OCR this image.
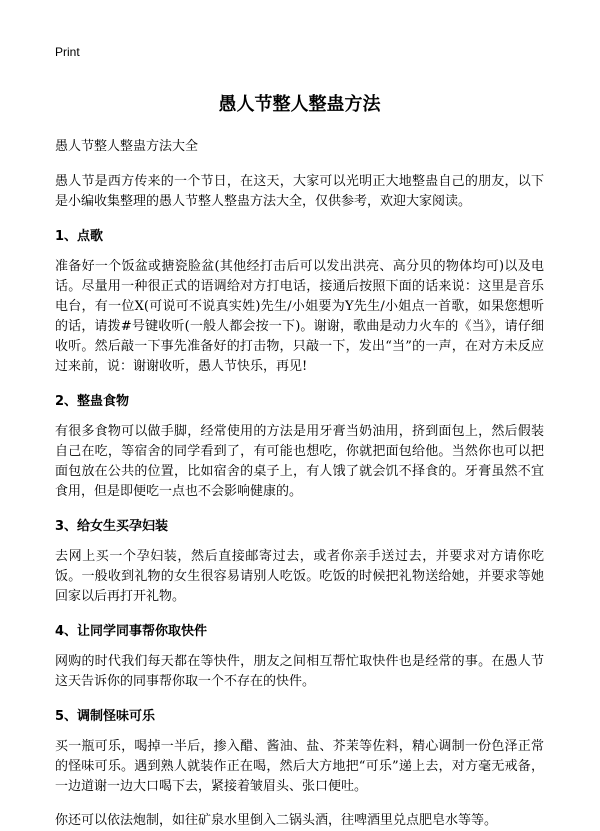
Print

愚人节整人整蛊方法

愚人节整人整蛊方法大全

愚人节是西方传来的一个节日，在这天，大家可以光明正大地整蛊自己的朋友，以下是小编收集整理的愚人节整人整蛊方法大全，仅供参考，欢迎大家阅读。

1、点歌

准备好一个饭盆或搪瓷脸盆(其他经打击后可以发出洪亮、高分贝的物体均可)以及电话。尽量用一种很正式的语调给对方打电话，接通后按照下面的话来说：这里是音乐电台，有一位X(可说可不说真实姓)先生/小姐要为Y先生/小姐点一首歌，如果您想听的话，请拨#号键收听(一般人都会按一下)。谢谢，歌曲是动力火车的《当》，请仔细收听。然后敲一下事先准备好的打击物，只敲一下，发出“当”的一声，在对方未反应过来前，说：谢谢收听，愚人节快乐，再见!

2、整蛊食物

有很多食物可以做手脚，经常使用的方法是用牙膏当奶油用，挤到面包上，然后假装自己在吃，等宿舍的同学看到了，有可能也想吃，你就把面包给他。当然你也可以把面包放在公共的位置，比如宿舍的桌子上，有人饿了就会饥不择食的。牙膏虽然不宜食用，但是即便吃一点也不会影响健康的。

3、给女生买孕妇装

去网上买一个孕妇装，然后直接邮寄过去，或者你亲手送过去，并要求对方请你吃饭。一般收到礼物的女生很容易请别人吃饭。吃饭的时候把礼物送给她，并要求等她回家以后再打开礼物。

4、让同学同事帮你取快件

网购的时代我们每天都在等快件，朋友之间相互帮忙取快件也是经常的事。在愚人节这天告诉你的同事帮你取一个不存在的快件。

5、调制怪味可乐

买一瓶可乐，喝掉一半后，掺入醋、酱油、盐、芥茉等佐料，精心调制一份色泽正常的怪味可乐。遇到熟人就装作正在喝，然后大方地把“可乐”递上去，对方毫无戒备，一边道谢一边大口喝下去，紧接着皱眉头、张口便吐。

你还可以依法炮制，如往矿泉水里倒入二锅头酒，往啤酒里兑点肥皂水等等。
